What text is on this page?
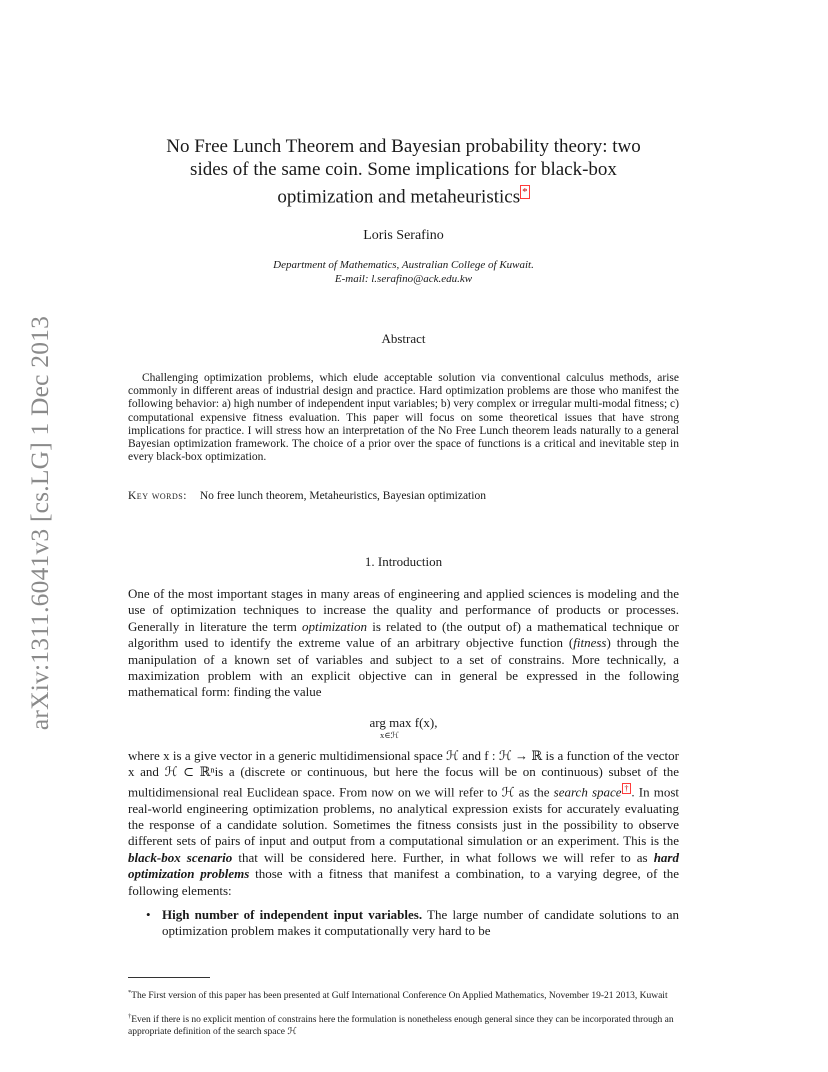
arXiv:1311.6041v3 [cs.LG] 1 Dec 2013
No Free Lunch Theorem and Bayesian probability theory: two
sides of the same coin. Some implications for black-box
optimization and metaheuristics *
Loris Serafino
Department of Mathematics, Australian College of Kuwait.
E-mail: l.serafino@ack.edu.kw
Abstract
Challenging optimization problems, which elude acceptable solution via conventional calculus methods, arise commonly in different areas of industrial design and practice. Hard optimization problems are those who manifest the following behavior: a) high number of independent input variables; b) very complex or irregular multi-modal fitness; c) computational expensive fitness evaluation. This paper will focus on some theoretical issues that have strong implications for practice. I will stress how an interpretation of the No Free Lunch theorem leads naturally to a general Bayesian optimization framework. The choice of a prior over the space of functions is a critical and inevitable step in every black-box optimization.
Key words: No free lunch theorem, Metaheuristics, Bayesian optimization
1. Introduction
One of the most important stages in many areas of engineering and applied sciences is modeling and the use of optimization techniques to increase the quality and performance of products or processes. Generally in literature the term optimization is related to (the output of) a mathematical technique or algorithm used to identify the extreme value of an arbitrary objective function (fitness) through the manipulation of a known set of variables and subject to a set of constrains. More technically, a maximization problem with an explicit objective can in general be expressed in the following mathematical form: finding the value
arg max f(x),
x∈ℋ
where x is a give vector in a generic multidimensional space ℋ and f : ℋ → ℝ is a function of the vector x and ℋ ⊂ ℝⁿis a (discrete or continuous, but here the focus will be on continuous) subset of the multidimensional real Euclidean space. From now on we will refer to ℋ as the search space † . In most real-world engineering optimization problems, no analytical expression exists for accurately evaluating the response of a candidate solution. Sometimes the fitness consists just in the possibility to observe different sets of pairs of input and output from a computational simulation or an experiment. This is the black-box scenario that will be considered here. Further, in what follows we will refer to as hard optimization problems those with a fitness that manifest a combination, to a varying degree, of the following elements:
• High number of independent input variables. The large number of candidate solutions to an optimization problem makes it computationally very hard to be
*The First version of this paper has been presented at Gulf International Conference On Applied Mathematics, November 19-21 2013, Kuwait
†Even if there is no explicit mention of constrains here the formulation is nonetheless enough general since they can be incorporated through an appropriate definition of the search space ℋ
